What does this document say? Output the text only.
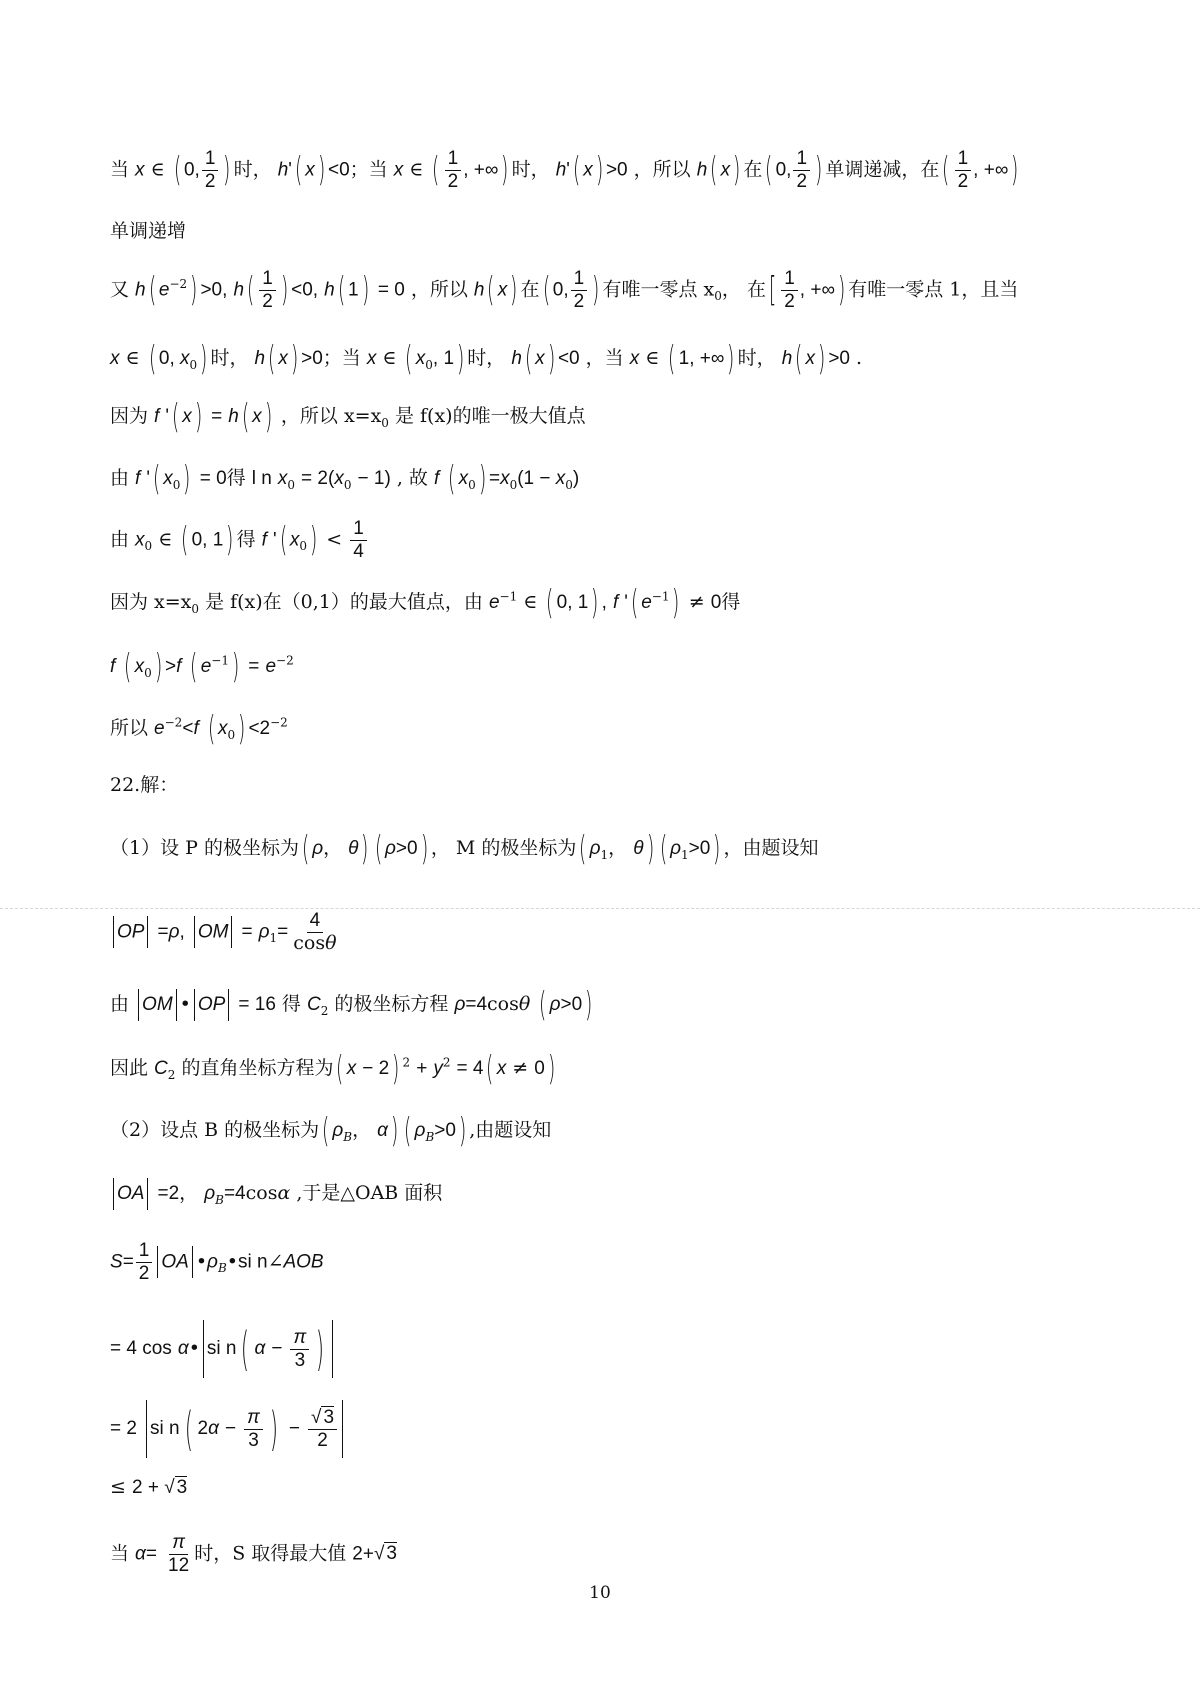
当 x ∈ ( 0, $\frac{1}{2}$ ) 时， h'( x) <0；当 x ∈ ( $\frac{1}{2}$ , +∞) 时， h'( x) >0 ，所以 h( x) 在( 0, $\frac{1}{2}$ ) 单调递减，在( $\frac{1}{2}$ , +∞)
单调递增
又 h( $e^{-2}) >0$, $h( \frac{1}{2}$ ) <0, h( 1) = 0 ，所以 h( x) 在( 0, $\frac{1}{2}$ ) 有唯一零点 $x_0$， 在[ $\frac{1}{2}$ , +∞) 有唯一零点 1，且当
x ∈ ( 0, $x_0$) 时， h( x) >0；当 x ∈ ( $x_0$, 1) 时， h( x) <0 ，当 x ∈ ( 1, +∞) 时， h( x) >0 .
因为 f '( x) = h( x) ，所以 $x=x_0$ 是 f(x)的唯一极大值点
由 f '( $x_0) = 0$得 l n $x_0 = 2(x_0 - 1)$ , 故 f ( $x_0) =x_0(1 - x_0)$
由 $x_0$ ∈ ( 0, 1) 得 f '( $x_0) < \frac{1}{4}$
因为 $x=x_0$ 是 f(x)在（0,1）的最大值点，由 $e^{-1}$ ∈ ( 0, 1) , f '( $e^{-1}) \ne 0$得
f ( $x_0) >f$ ( $e^{-1}) = e^{-2}$
所以 $e^{-2}<f$ ( $x_0) <2^{-2}$
22.解：
（1）设 P 的极坐标为( ρ， θ) ( ρ>0) ， M 的极坐标为( $\rho_1$， θ) ( $\rho_1>0$) ，由题设知
OP =ρ, OM = $\rho_1= \frac{4}{\cos\theta}$
由 OM • OP = 16 得 $C_2$ 的极坐标方程 ρ=4cosθ ( ρ>0)
因此 $C_2$ 的直角坐标方程为( x − 2) $^2 + y^2 = 4$( x ≠ 0)
（2）设点 B 的极坐标为( $\rho_B$， α) ( $\rho_B>0$) ,由题设知
OA =2， $\rho_B=4\cos\alpha$ ,于是△OAB 面积
$S= \frac{1}{2}$ OA $•\rho_B•si$ n∠AOB
= 4 cos α• si n ( $\alpha - \frac{\pi}{3}$ )
= 2 si n ( $2\alpha - \frac{\pi}{3}$ ) − $\frac{√ 3}{2}$
≤ 2 + √ 3
当 $\alpha= \frac{\pi}{12}$ 时，S 取得最大值 2+√ 3
10
